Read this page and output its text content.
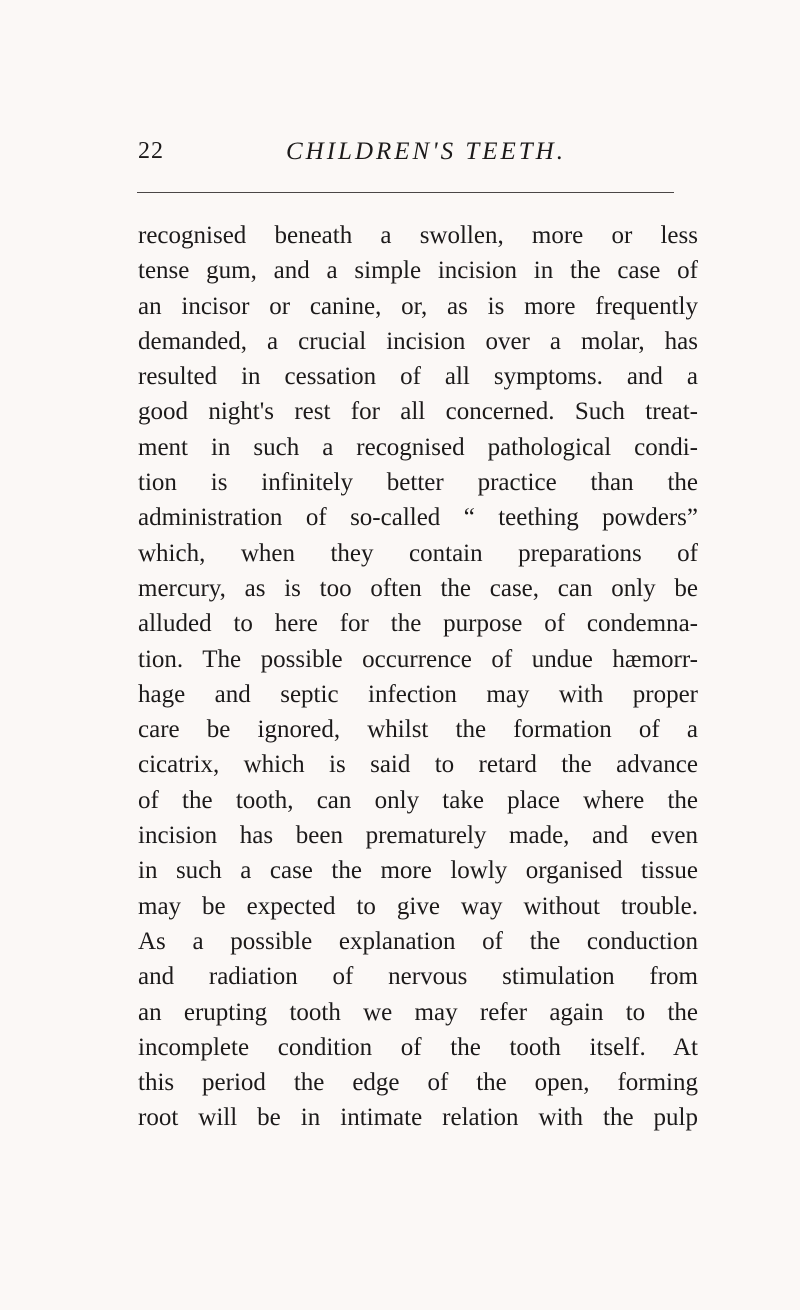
22	CHILDREN'S TEETH.
recognised beneath a swollen, more or less
tense gum, and a simple incision in the case of
an incisor or canine, or, as is more frequently
demanded, a crucial incision over a molar, has
resulted in cessation of all symptoms. and a
good night's rest for all concerned. Such treat-
ment in such a recognised pathological condi-
tion is infinitely better practice than the
administration of so-called “ teething powders”
which, when they contain preparations of
mercury, as is too often the case, can only be
alluded to here for the purpose of condemna-
tion. The possible occurrence of undue hæmorr-
hage and septic infection may with proper
care be ignored, whilst the formation of a
cicatrix, which is said to retard the advance
of the tooth, can only take place where the
incision has been prematurely made, and even
in such a case the more lowly organised tissue
may be expected to give way without trouble.
As a possible explanation of the conduction
and radiation of nervous stimulation from
an erupting tooth we may refer again to the
incomplete condition of the tooth itself. At
this period the edge of the open, forming
root will be in intimate relation with the pulp
